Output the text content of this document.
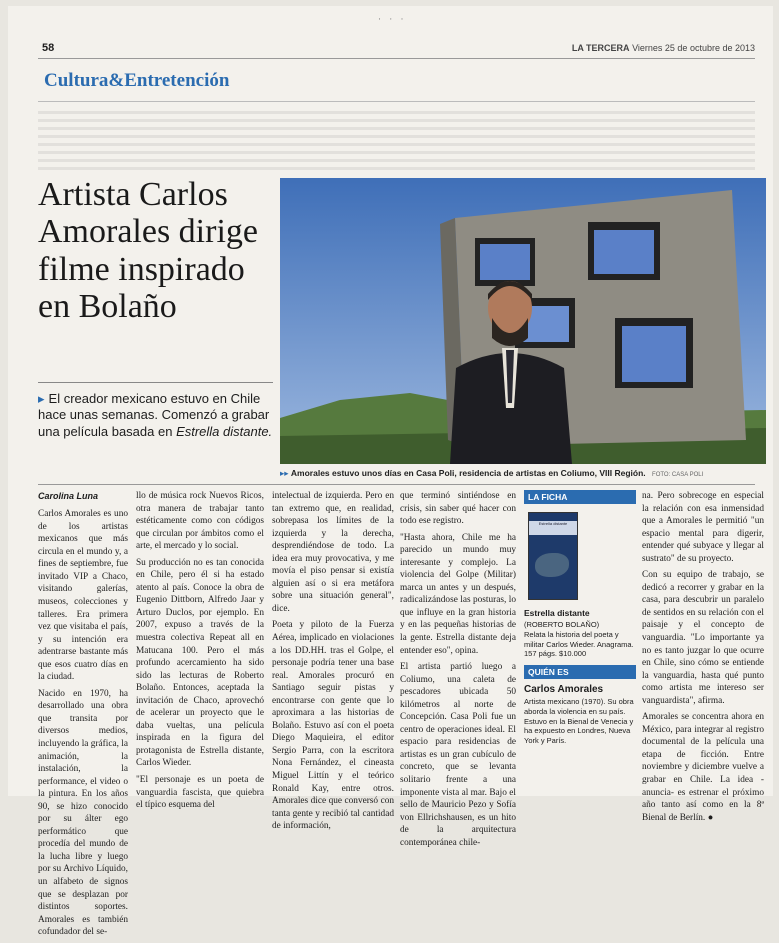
· · ·
58	LA TERCERA Viernes 25 de octubre de 2013
Cultura&Entretención
Artista Carlos Amorales dirige filme inspirado en Bolaño
▸ El creador mexicano estuvo en Chile hace unas semanas. Comenzó a grabar una película basada en Estrella distante.
▸▸ Amorales estuvo unos días en Casa Poli, residencia de artistas en Coliumo, VIII Región. FOTO: CASA POLI

Carolina Luna

Carlos Amorales es uno de los artistas mexicanos que más circula en el mundo y, a fines de septiembre, fue invitado VIP a Chaco, visitando galerías, museos, colecciones y talleres. Era primera vez que visitaba el país, y su intención era adentrarse bastante más que esos cuatro días en la ciudad.

Nacido en 1970, ha desarrollado una obra que transita por diversos medios, incluyendo la gráfica, la animación, la instalación, la performance, el video o la pintura. En los años 90, se hizo conocido por su álter ego performático que procedía del mundo de la lucha libre y luego por su Archivo Líquido, un alfabeto de signos que se desplazan por distintos soportes. Amorales es también cofundador del se-

llo de música rock Nuevos Ricos, otra manera de trabajar tanto estéticamente como con códigos que circulan por ámbitos como el arte, el mercado y lo social.

Su producción no es tan conocida en Chile, pero él si ha estado atento al país. Conoce la obra de Eugenio Dittborn, Alfredo Jaar y Arturo Duclos, por ejemplo. En 2007, expuso a través de la muestra colectiva Repeat all en Matucana 100. Pero el más profundo acercamiento ha sido sido las lecturas de Roberto Bolaño. Entonces, aceptada la invitación de Chaco, aprovechó de acelerar un proyecto que le daba vueltas, una película inspirada en la figura del protagonista de Estrella distante, Carlos Wieder.

"El personaje es un poeta de vanguardia fascista, que quiebra el típico esquema del

intelectual de izquierda. Pero en tan extremo que, en realidad, sobrepasa los límites de la izquierda y la derecha, desprendiéndose de todo. La idea era muy provocativa, y me movía el piso pensar si existía alguien así o si era metáfora sobre una situación general", dice.

Poeta y piloto de la Fuerza Aérea, implicado en violaciones a los DD.HH. tras el Golpe, el personaje podría tener una base real. Amorales procuró en Santiago seguir pistas y encontrarse con gente que lo aproximara a las historias de Bolaño. Estuvo así con el poeta Diego Maquieira, el editor Sergio Parra, con la escritora Nona Fernández, el cineasta Miguel Littín y el teórico Ronald Kay, entre otros. Amorales dice que conversó con tanta gente y recibió tal cantidad de información,

que terminó sintiéndose en crisis, sin saber qué hacer con todo ese registro.

"Hasta ahora, Chile me ha parecido un mundo muy interesante y complejo. La violencia del Golpe (Militar) marca un antes y un después, radicalizándose las posturas, lo que influye en la gran historia y en las pequeñas historias de la gente. Estrella distante deja entender eso", opina.

El artista partió luego a Coliumo, una caleta de pescadores ubicada 50 kilómetros al norte de Concepción. Casa Poli fue un centro de operaciones ideal. El espacio para residencias de artistas es un gran cubículo de concreto, que se levanta solitario frente a una imponente vista al mar. Bajo el sello de Mauricio Pezo y Sofía von Ellrichshausen, es un hito de la arquitectura contemporánea chile-

LA FICHA
Estrella distante

Estrella distante

(ROBERTO BOLAÑO)

Relata la historia del poeta y militar Carlos Wieder. Anagrama. 157 págs. $10.000

QUIÉN ES

Carlos Amorales

Artista mexicano (1970). Su obra aborda la violencia en su país. Estuvo en la Bienal de Venecia y ha expuesto en Londres, Nueva York y París.

na. Pero sobrecoge en especial la relación con esa inmensidad que a Amorales le permitió "un espacio mental para digerir, entender qué subyace y llegar al sustrato" de su proyecto.

Con su equipo de trabajo, se dedicó a recorrer y grabar en la casa, para descubrir un paralelo de sentidos en su relación con el paisaje y el concepto de vanguardia. "Lo importante ya no es tanto juzgar lo que ocurre en Chile, sino cómo se entiende la vanguardia, hasta qué punto como artista me intereso ser vanguardista", afirma.

Amorales se concentra ahora en México, para integrar al registro documental de la película una etapa de ficción. Entre noviembre y diciembre vuelve a grabar en Chile. La idea -anuncia- es estrenar el próximo año tanto así como en la 8ª Bienal de Berlín. ●
